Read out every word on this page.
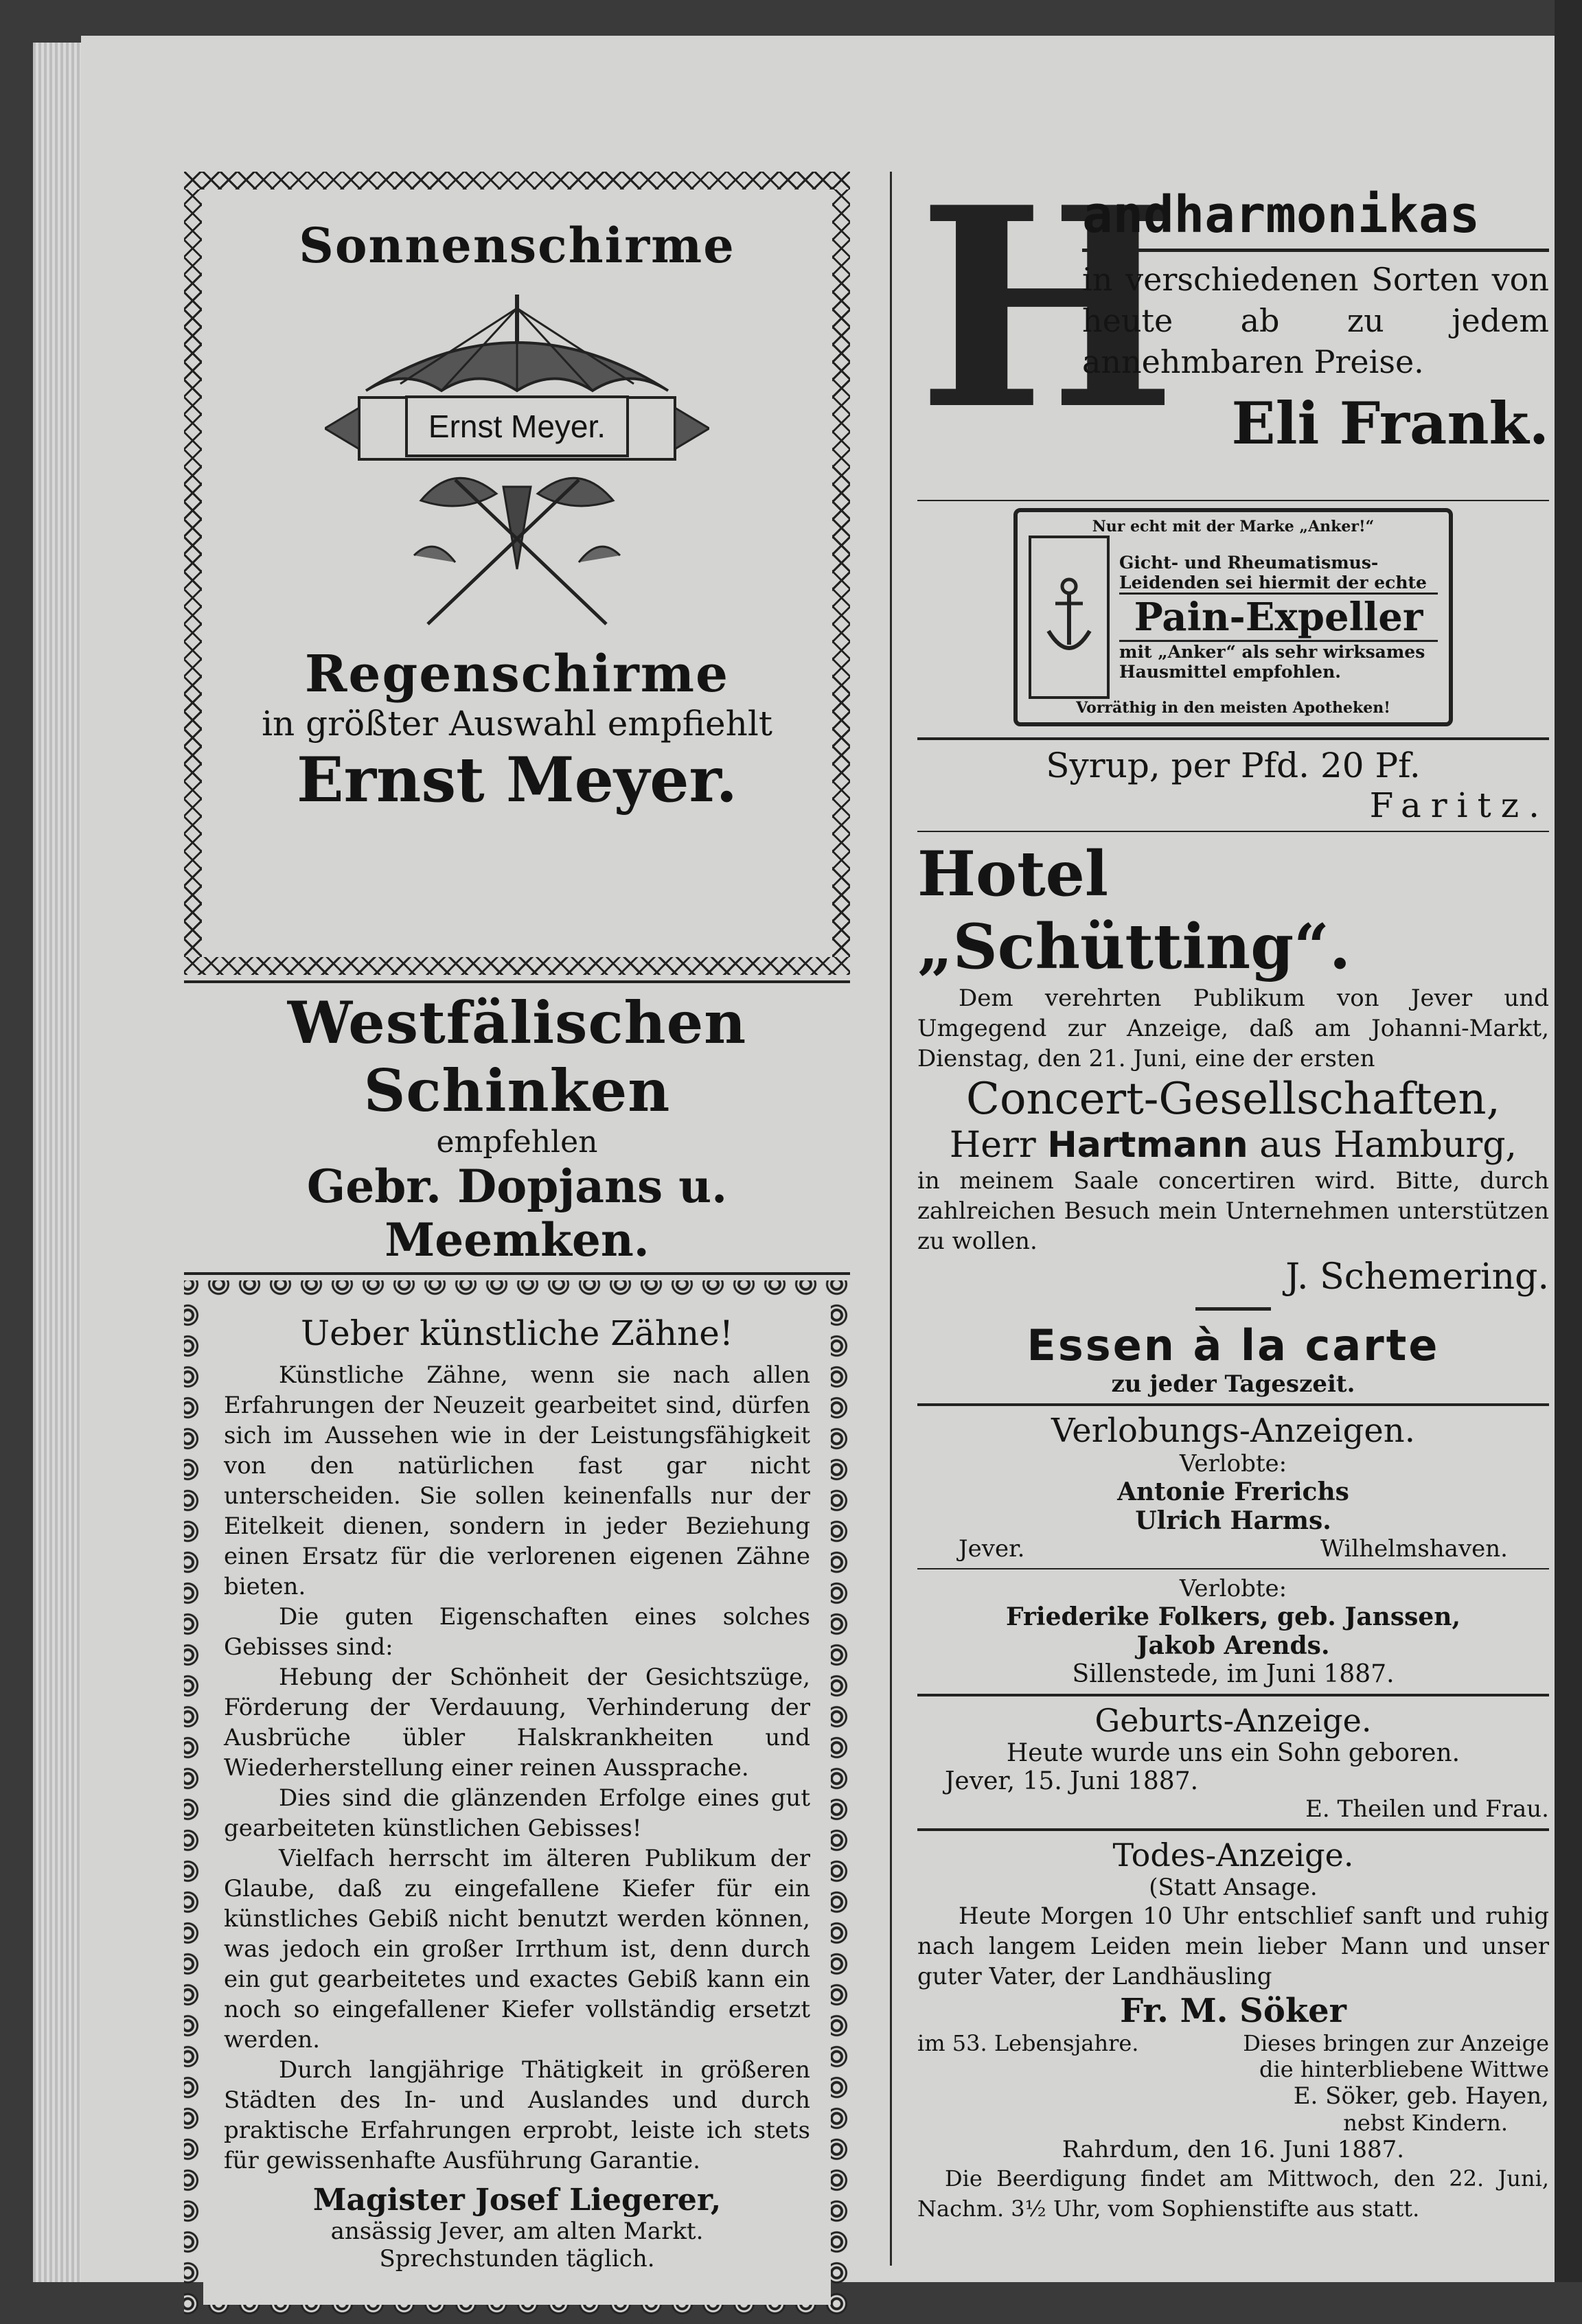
Sonnenschirme
Ernst Meyer.
Regenschirme
in größter Auswahl empfiehlt
Ernst Meyer.
Westfälischen Schinken
empfehlen
Gebr. Dopjans u. Meemken.
Ueber künstliche Zähne!
Künstliche Zähne, wenn sie nach allen Erfahrungen der Neuzeit gearbeitet sind, dürfen sich im Aussehen wie in der Leistungsfähigkeit von den natürlichen fast gar nicht unterscheiden. Sie sollen keinenfalls nur der Eitelkeit dienen, sondern in jeder Beziehung einen Ersatz für die verlorenen eigenen Zähne bieten.
Die guten Eigenschaften eines solches Gebisses sind:
Hebung der Schönheit der Gesichtszüge, Förderung der Verdauung, Verhinderung der Ausbrüche übler Halskrankheiten und Wiederherstellung einer reinen Aussprache.
Dies sind die glänzenden Erfolge eines gut gearbeiteten künstlichen Gebisses!
Vielfach herrscht im älteren Publikum der Glaube, daß zu eingefallene Kiefer für ein künstliches Gebiß nicht benutzt werden können, was jedoch ein großer Irrthum ist, denn durch ein gut gearbeitetes und exactes Gebiß kann ein noch so eingefallener Kiefer vollständig ersetzt werden.
Durch langjährige Thätigkeit in größeren Städten des In- und Auslandes und durch praktische Erfahrungen erprobt, leiste ich stets für gewissenhafte Ausführung Garantie.
Magister Josef Liegerer,
ansässig Jever, am alten Markt.
Sprechstunden täglich.
H
andharmonikas
in verschiedenen Sorten von heute ab zu jedem annehmbaren Preise.
Eli Frank.
Nur echt mit der Marke „Anker!“
Gicht- und Rheumatismus-Leidenden sei hiermit der echte
Pain-Expeller
mit „Anker“ als sehr wirksames Hausmittel empfohlen.
Vorräthig in den meisten Apotheken!
Syrup, per Pfd. 20 Pf.
Faritz.
Hotel „Schütting“.
Dem verehrten Publikum von Jever und Umgegend zur Anzeige, daß am Johanni-Markt, Dienstag, den 21. Juni, eine der ersten
Concert-Gesellschaften,
Herr Hartmann aus Hamburg,
in meinem Saale concertiren wird. Bitte, durch zahlreichen Besuch mein Unternehmen unterstützen zu wollen.
J. Schemering.
Essen à la carte
zu jeder Tageszeit.
Verlobungs-Anzeigen.
Verlobte:
Antonie Frerichs
Ulrich Harms.
Jever.	Wilhelmshaven.
Verlobte:
Friederike Folkers, geb. Janssen,
Jakob Arends.
Sillenstede, im Juni 1887.
Geburts-Anzeige.
Heute wurde uns ein Sohn geboren.
Jever, 15. Juni 1887.
E. Theilen und Frau.
Todes-Anzeige.
(Statt Ansage.
Heute Morgen 10 Uhr entschlief sanft und ruhig nach langem Leiden mein lieber Mann und unser guter Vater, der Landhäusling
Fr. M. Söker
im 53. Lebensjahre.	Dieses bringen zur Anzeige die hinterbliebene Wittwe
E. Söker, geb. Hayen,
nebst Kindern.
Rahrdum, den 16. Juni 1887.
Die Beerdigung findet am Mittwoch, den 22. Juni, Nachm. 3½ Uhr, vom Sophienstifte aus statt.
